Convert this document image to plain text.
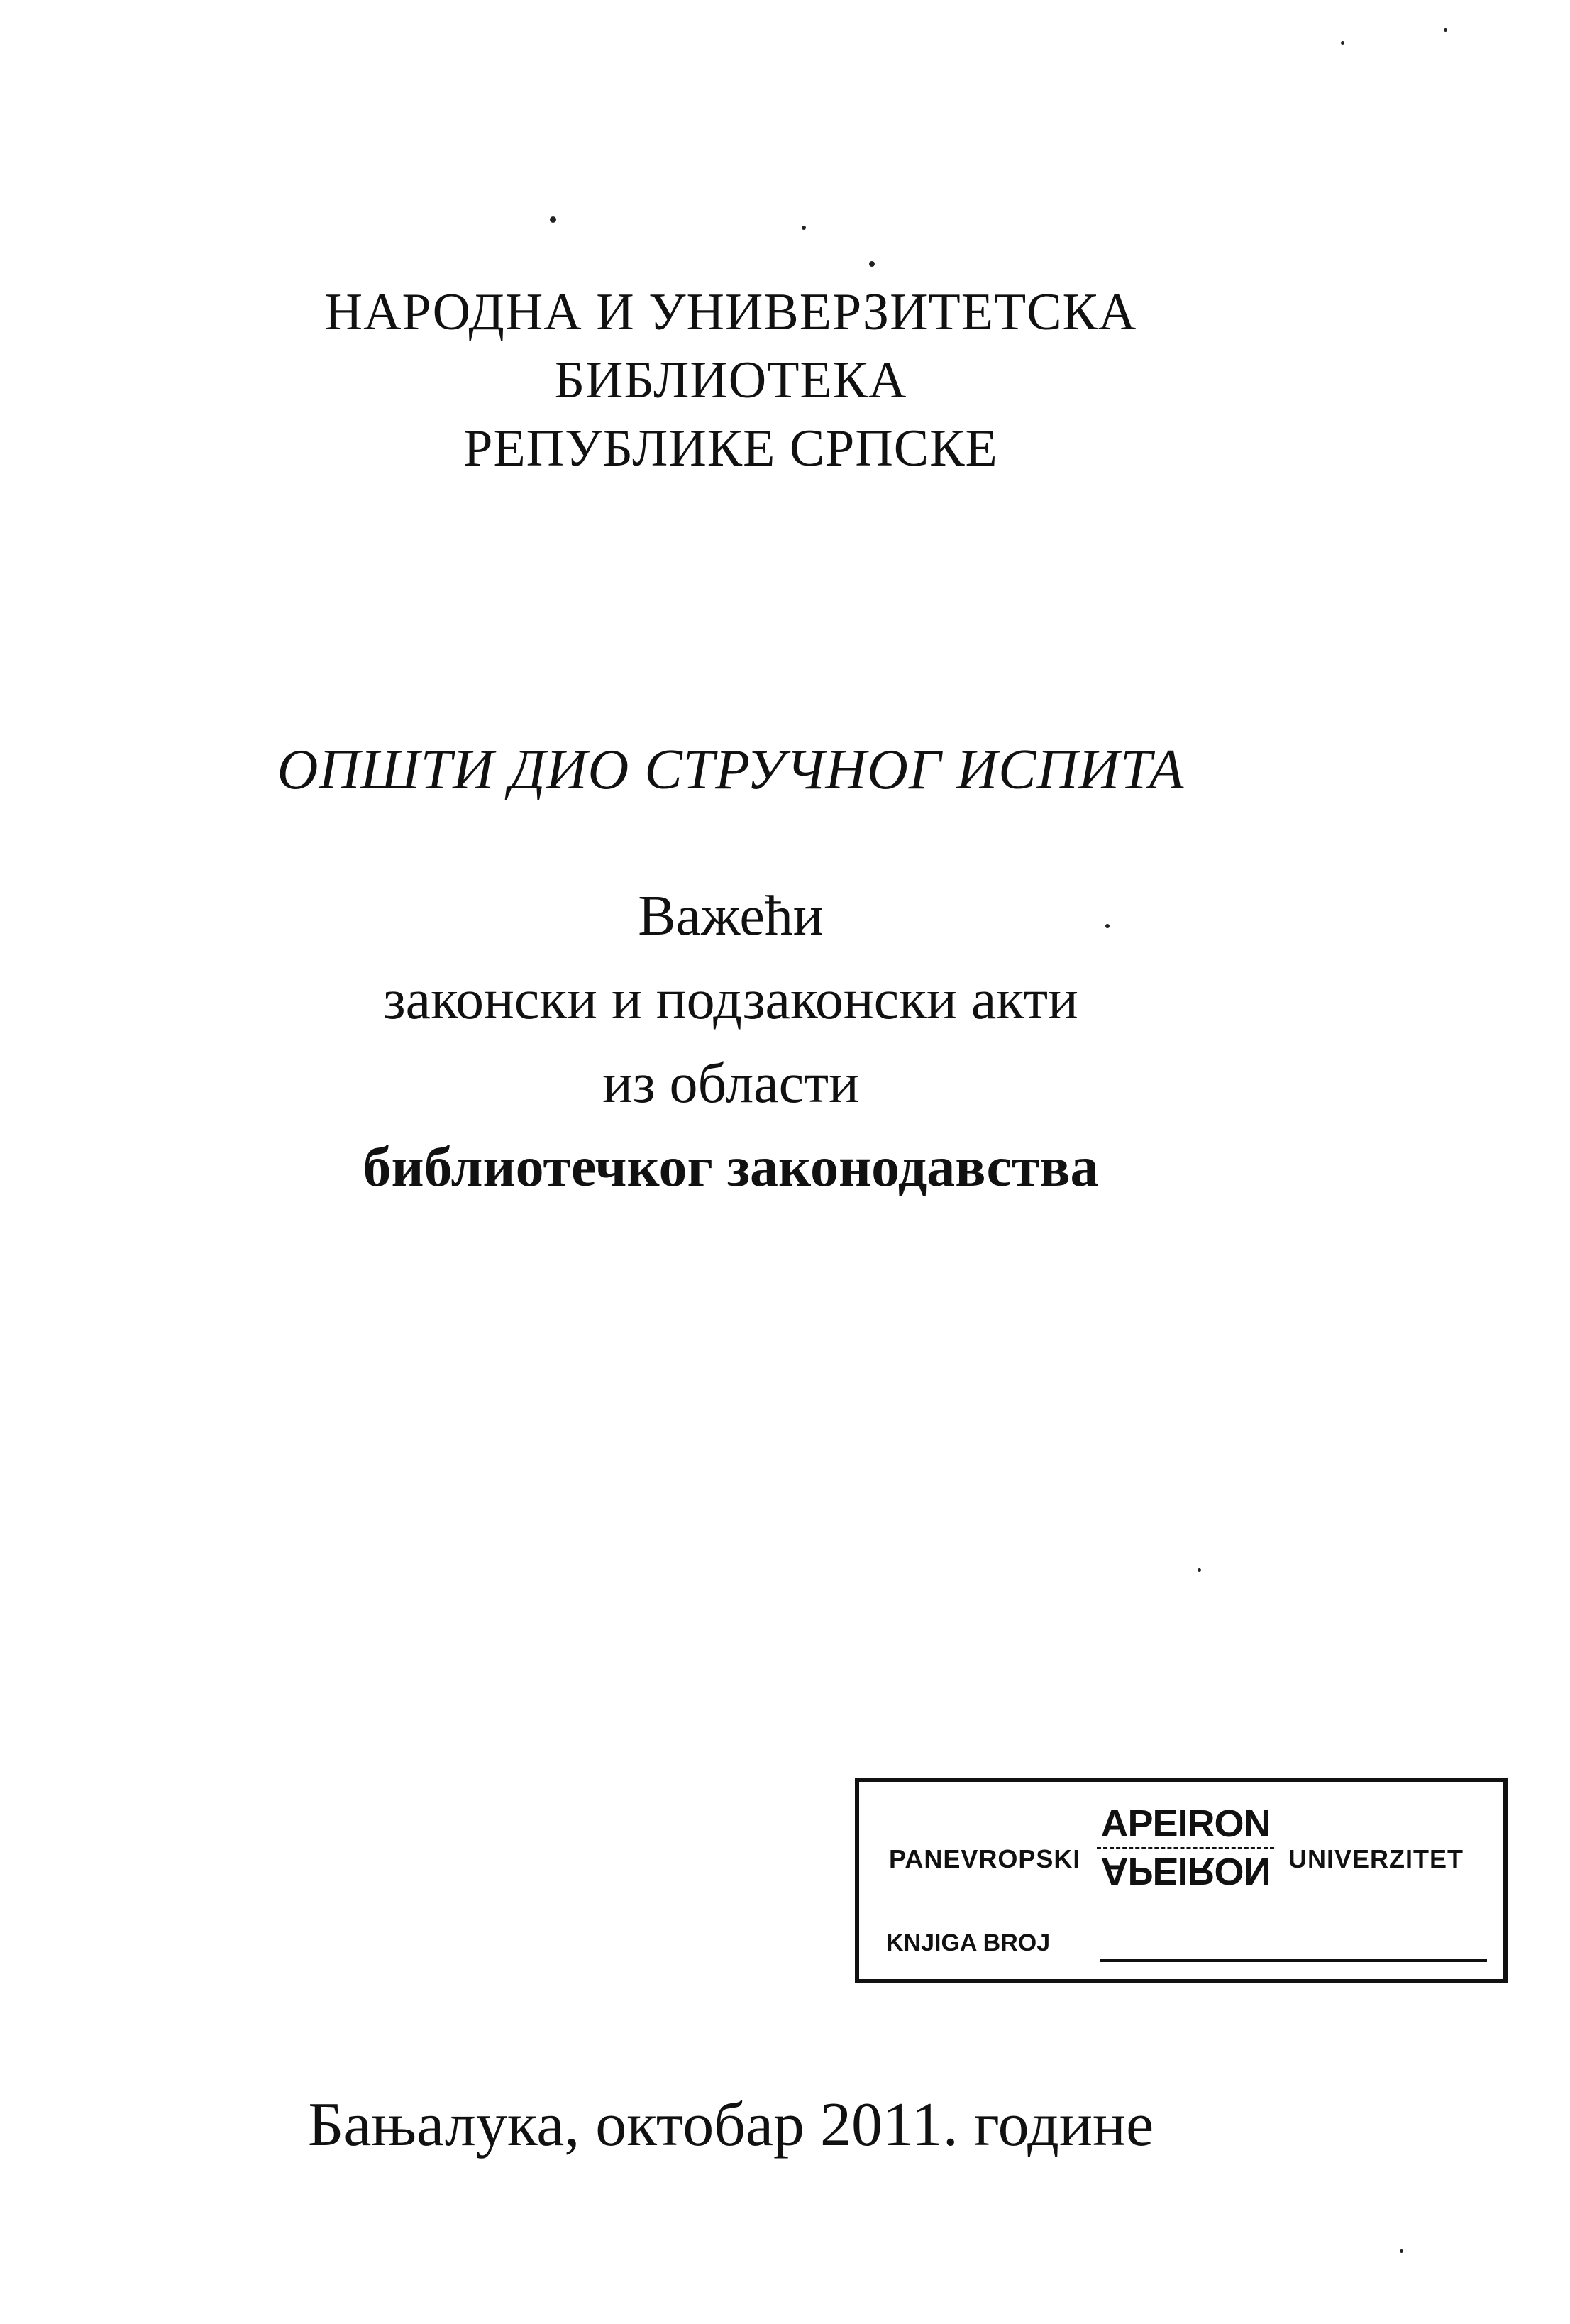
НАРОДНА И УНИВЕРЗИТЕТСКА
БИБЛИОТЕКА
РЕПУБЛИКЕ СРПСКЕ
ОПШТИ ДИО СТРУЧНОГ ИСПИТА
Важећи
законски и подзаконски акти
из области
библиотечког законодавства
PANEVROPSKI
APEIRON
APEIRON UNIVERZITET
KNJIGA BROJ
Бањалука, октобар 2011. године
